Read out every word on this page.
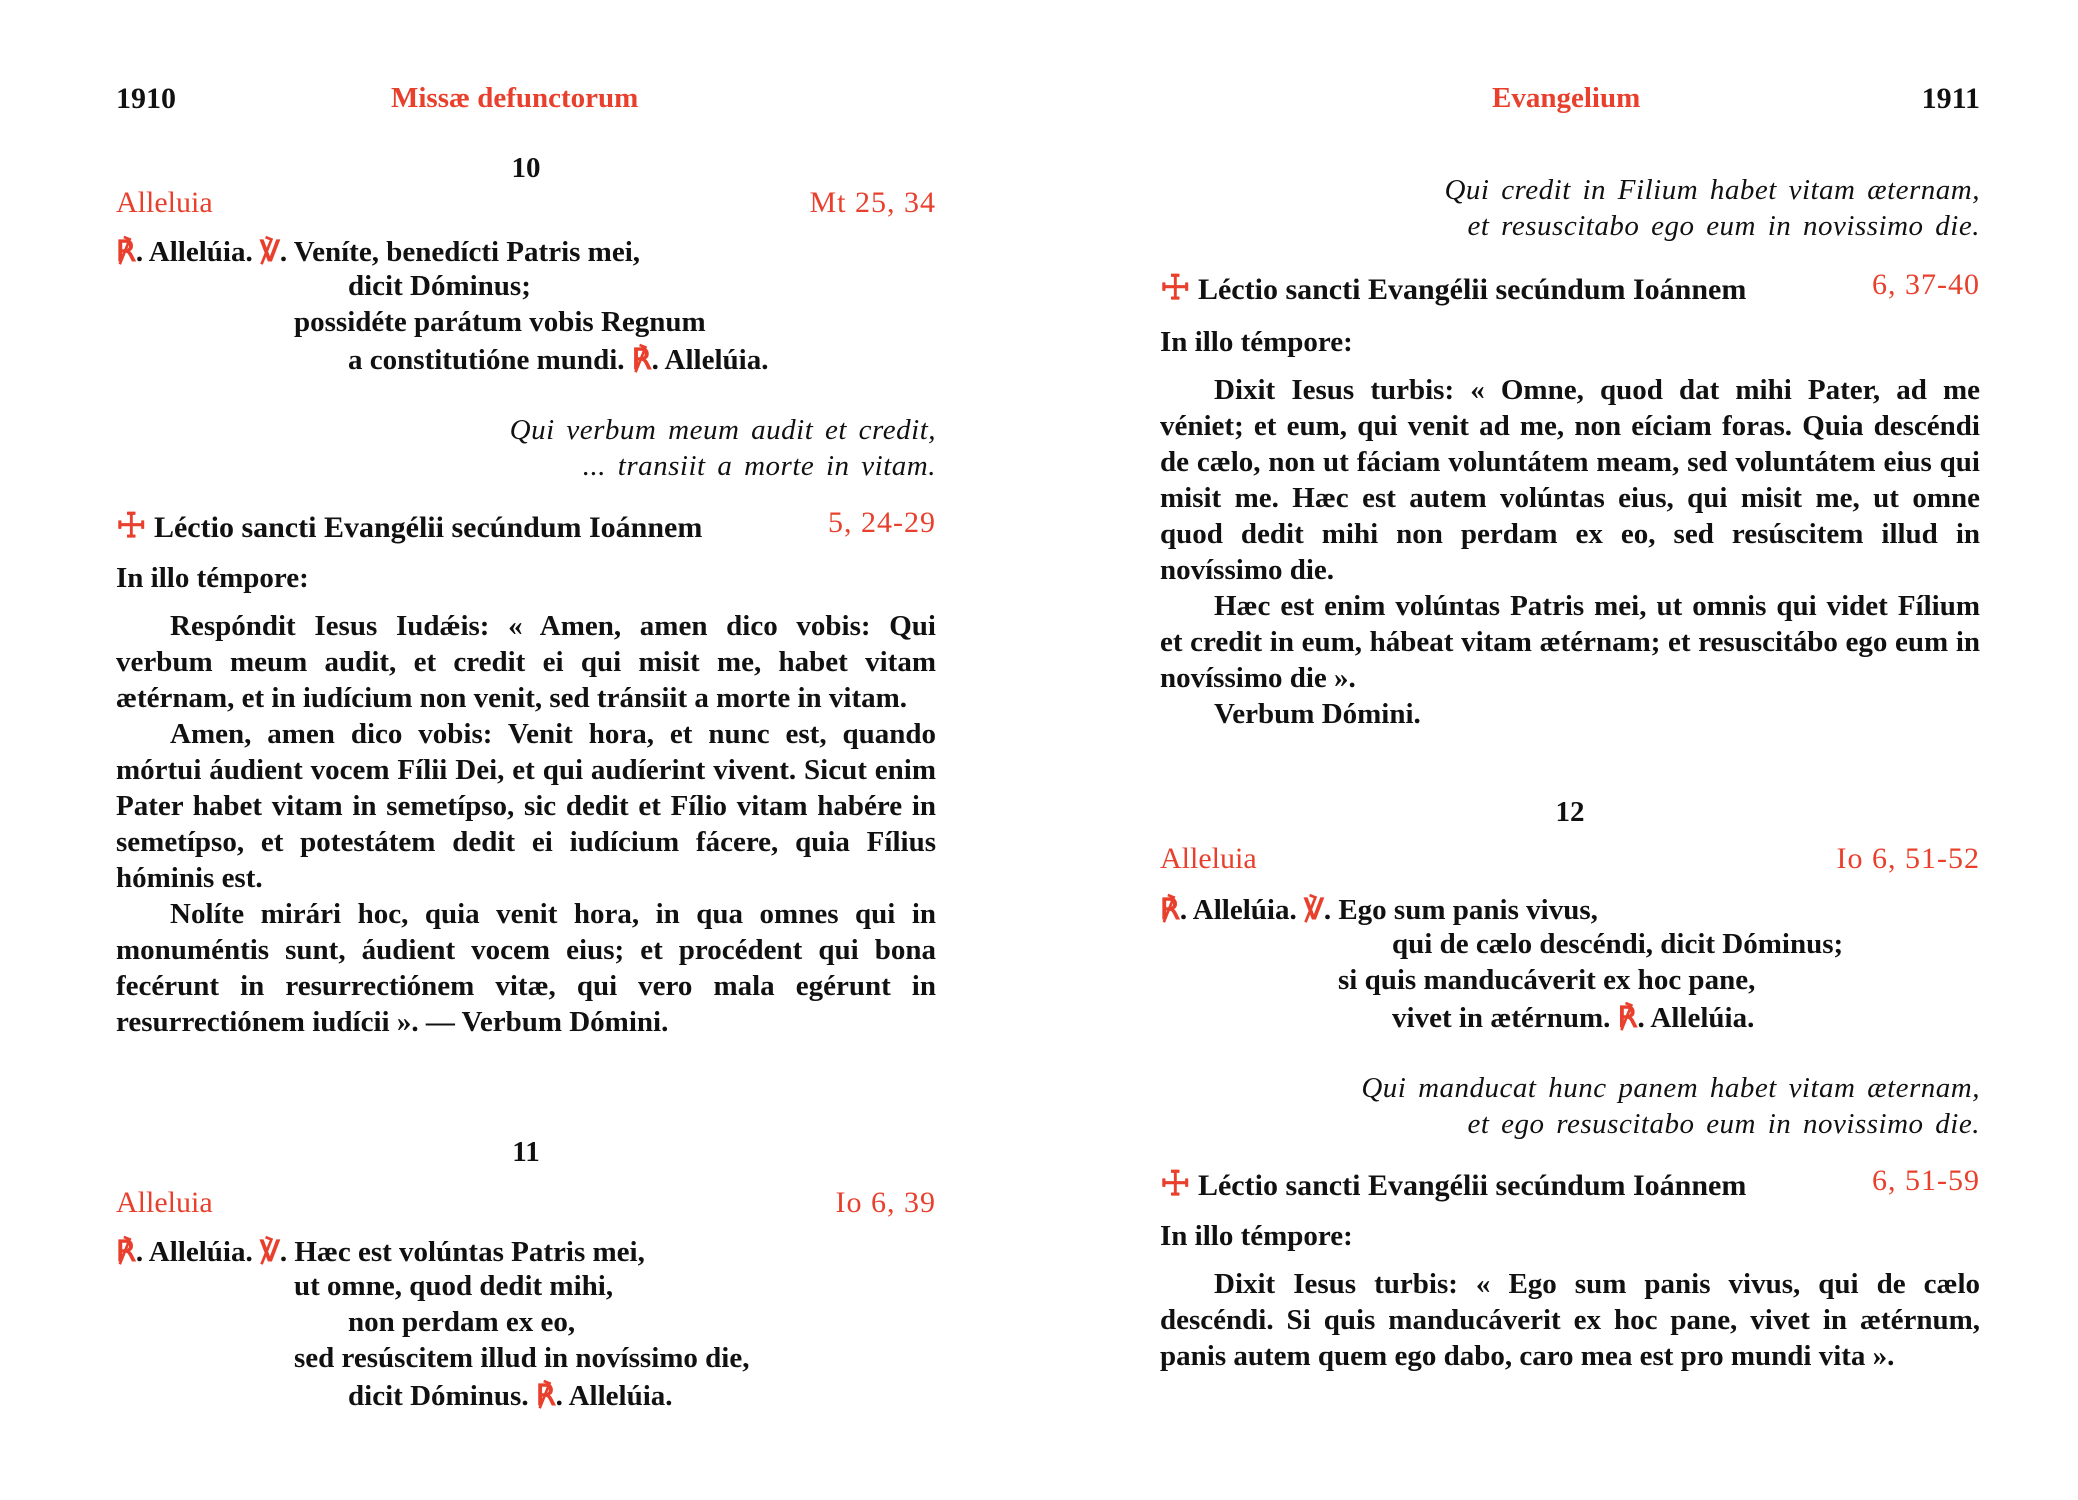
1910	Missæ defunctorum
10
Alleluia	Mt 25, 34
℟. Allelúia. ℣. Veníte, benedícti Patris mei,
dicit Dóminus;
possidéte parátum vobis Regnum
a constitutióne mundi. ℟. Allelúia.
Qui verbum meum audit et credit,
... transiit a morte in vitam.
☩ Léctio sancti Evangélii secúndum Ioánnem	5, 24-29
In illo témpore:

Respóndit Iesus Iudǽis: « Amen, amen dico vobis: Qui verbum meum audit, et credit ei qui misit me, habet vitam ætérnam, et in iudícium non venit, sed tránsiit a morte in vitam.

Amen, amen dico vobis: Venit hora, et nunc est, quando mórtui áudient vocem Fílii Dei, et qui audíerint vivent. Sicut enim Pater habet vitam in semetípso, sic dedit et Fílio vitam habére in semetípso, et potestátem dedit ei iudícium fácere, quia Fílius hóminis est.

Nolíte mirári hoc, quia venit hora, in qua omnes qui in monuméntis sunt, áudient vocem eius; et procédent qui bona fecérunt in resurrectiónem vitæ, qui vero mala egérunt in resurrectiónem iudícii ». — Verbum Dómini.

11
Alleluia	Io 6, 39
℟. Allelúia. ℣. Hæc est volúntas Patris mei,
ut omne, quod dedit mihi,
non perdam ex eo,
sed resúscitem illud in novíssimo die,
dicit Dóminus. ℟. Allelúia.
Evangelium	1911
Qui credit in Filium habet vitam æternam,
et resuscitabo ego eum in novissimo die.
☩ Léctio sancti Evangélii secúndum Ioánnem	6, 37-40
In illo témpore:

Dixit Iesus turbis: « Omne, quod dat mihi Pater, ad me véniet; et eum, qui venit ad me, non eíciam foras. Quia descéndi de cælo, non ut fáciam voluntátem meam, sed voluntátem eius qui misit me. Hæc est autem volúntas eius, qui misit me, ut omne quod dedit mihi non perdam ex eo, sed resúscitem illud in novíssimo die.

Hæc est enim volúntas Patris mei, ut omnis qui videt Fílium et credit in eum, hábeat vitam ætérnam; et resuscitábo ego eum in novíssimo die ».

Verbum Dómini.

12
Alleluia	Io 6, 51-52
℟. Allelúia. ℣. Ego sum panis vivus,
qui de cælo descéndi, dicit Dóminus;
si quis manducáverit ex hoc pane,
vivet in ætérnum. ℟. Allelúia.
Qui manducat hunc panem habet vitam æternam,
et ego resuscitabo eum in novissimo die.
☩ Léctio sancti Evangélii secúndum Ioánnem	6, 51-59
In illo témpore:

Dixit Iesus turbis: « Ego sum panis vivus, qui de cælo descéndi. Si quis manducáverit ex hoc pane, vivet in ætérnum, panis autem quem ego dabo, caro mea est pro mundi vita ».
